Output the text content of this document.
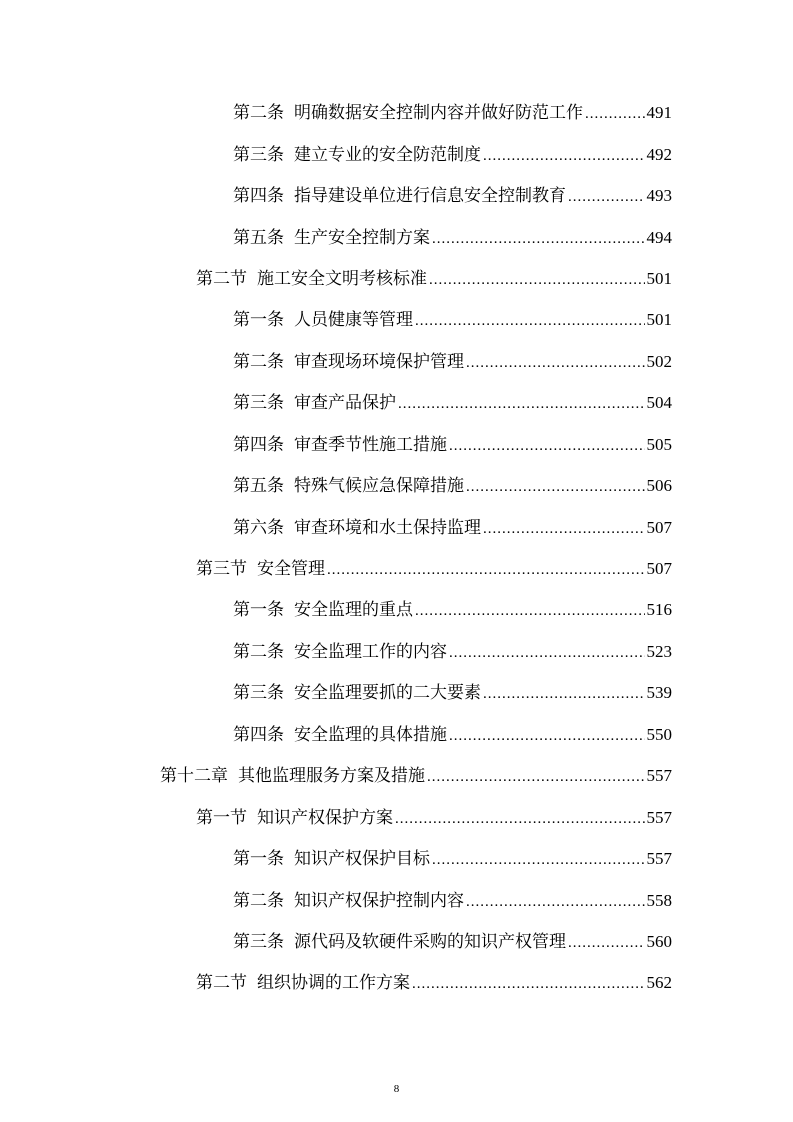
第二条 明确数据安全控制内容并做好防范工作 .....	491
第三条 建立专业的安全防范制度 .....	492
第四条 指导建设单位进行信息安全控制教育 .....	493
第五条 生产安全控制方案 .....	494
第二节 施工安全文明考核标准 .....	501
第一条 人员健康等管理 .....	501
第二条 审查现场环境保护管理 .....	502
第三条 审查产品保护 .....	504
第四条 审查季节性施工措施 .....	505
第五条 特殊气候应急保障措施 .....	506
第六条 审查环境和水土保持监理 .....	507
第三节 安全管理 .....	507
第一条 安全监理的重点 .....	516
第二条 安全监理工作的内容 .....	523
第三条 安全监理要抓的二大要素 .....	539
第四条 安全监理的具体措施 .....	550
第十二章 其他监理服务方案及措施 .....	557
第一节 知识产权保护方案 .....	557
第一条 知识产权保护目标 .....	557
第二条 知识产权保护控制内容 .....	558
第三条 源代码及软硬件采购的知识产权管理 .....	560
第二节 组织协调的工作方案 .....	562
8
